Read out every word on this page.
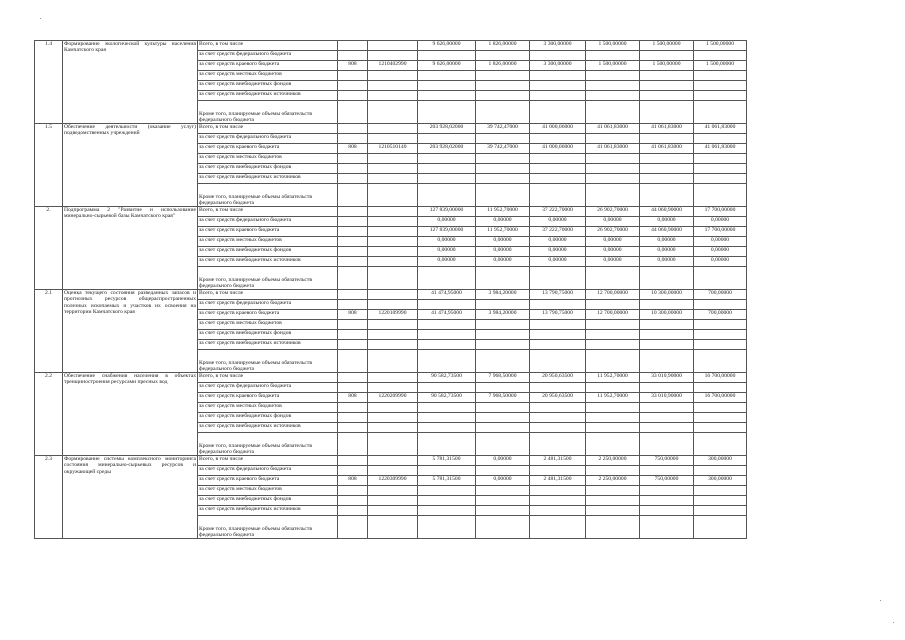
1.4	Формирование экологической культуры населения Камчатского края	Всего, в том числе			9 626,00000	1 826,00000	3 300,00000	1 500,00000	1 500,00000	1 500,00000
		за счет средств федерального бюджета								
		за счет средств краевого бюджета	808	1210402990	9 626,00000	1 826,00000	3 300,00000	1 500,00000	1 500,00000	1 500,00000
		за счет средств местных бюджетов								
		за счет средств внебюджетных фондов								
		за счет средств внебюджетных источников								
		Кроме того, планируемые объемы обязательств федерального бюджета								
1.5	Обеспечение деятельности (оказание услуг) подведомственных учреждений	Всего, в том числе			203 928,02000	39 742,47000	41 000,06000	41 061,83000	41 061,83000	41 061,83000
		за счет средств федерального бюджета								
		за счет средств краевого бюджета	808	1210510140	203 928,02000	39 742,47000	41 000,06000	41 061,83000	41 061,83000	41 061,83000
		за счет средств местных бюджетов								
		за счет средств внебюджетных фондов								
		за счет средств внебюджетных источников								
		Кроме того, планируемые объемы обязательств федерального бюджета								
2.	Подпрограмма 2 "Развитие и использование минерально-сырьевой базы Камчатского края"	Всего, в том числе			127 839,00000	11 952,70000	37 222,70000	26 902,70000	44 060,90000	17 700,00000
		за счет средств федерального бюджета			0,00000	0,00000	0,00000	0,00000	0,00000	0,00000
		за счет средств краевого бюджета			127 839,00000	11 952,70000	37 222,70000	26 902,70000	44 060,90000	17 700,00000
		за счет средств местных бюджетов			0,00000	0,00000	0,00000	0,00000	0,00000	0,00000
		за счет средств внебюджетных фондов			0,00000	0,00000	0,00000	0,00000	0,00000	0,00000
		за счет средств внебюджетных источников			0,00000	0,00000	0,00000	0,00000	0,00000	0,00000
		Кроме того, планируемые объемы обязательств федерального бюджета								
2.1	Оценка текущего состояния разведанных запасов и прогнозных ресурсов общераспространенных полезных ископаемых и участков их освоения на территории Камчатского края	Всего, в том числе			41 474,95000	3 984,20000	13 790,75000	12 700,00000	10 300,00000	700,00000
		за счет средств федерального бюджета								
		за счет средств краевого бюджета	808	1220109990	41 474,95000	3 984,20000	13 790,75000	12 700,00000	10 300,00000	700,00000
		за счет средств местных бюджетов								
		за счет средств внебюджетных фондов								
		за счет средств внебюджетных источников								
		Кроме того, планируемые объемы обязательств федерального бюджета								
2.2	Обеспечение снабжения населения в объектах тренщиностроения ресурсами пресных вод	Всего, в том числе			90 582,73500	7 968,50000	20 950,63500	11 952,70000	33 010,90000	16 700,00000
		за счет средств федерального бюджета								
		за счет средств краевого бюджета	808	1220209990	90 582,73500	7 968,50000	20 950,63500	11 952,70000	33 010,90000	16 700,00000
		за счет средств местных бюджетов								
		за счет средств внебюджетных фондов								
		за счет средств внебюджетных источников								
		Кроме того, планируемые объемы обязательств федерального бюджета								
2.3	Формирование системы комплексного мониторинга состояния минерально-сырьевых ресурсов и окружающей среды	Всего, в том числе			5 781,31500	0,00000	2 481,31500	2 250,00000	750,00000	300,00000
		за счет средств федерального бюджета								
		за счет средств краевого бюджета	808	1220309990	5 781,31500	0,00000	2 481,31500	2 250,00000	750,00000	300,00000
		за счет средств местных бюджетов								
		за счет средств внебюджетных фондов								
		за счет средств внебюджетных источников								
		Кроме того, планируемые объемы обязательств федерального бюджета								
